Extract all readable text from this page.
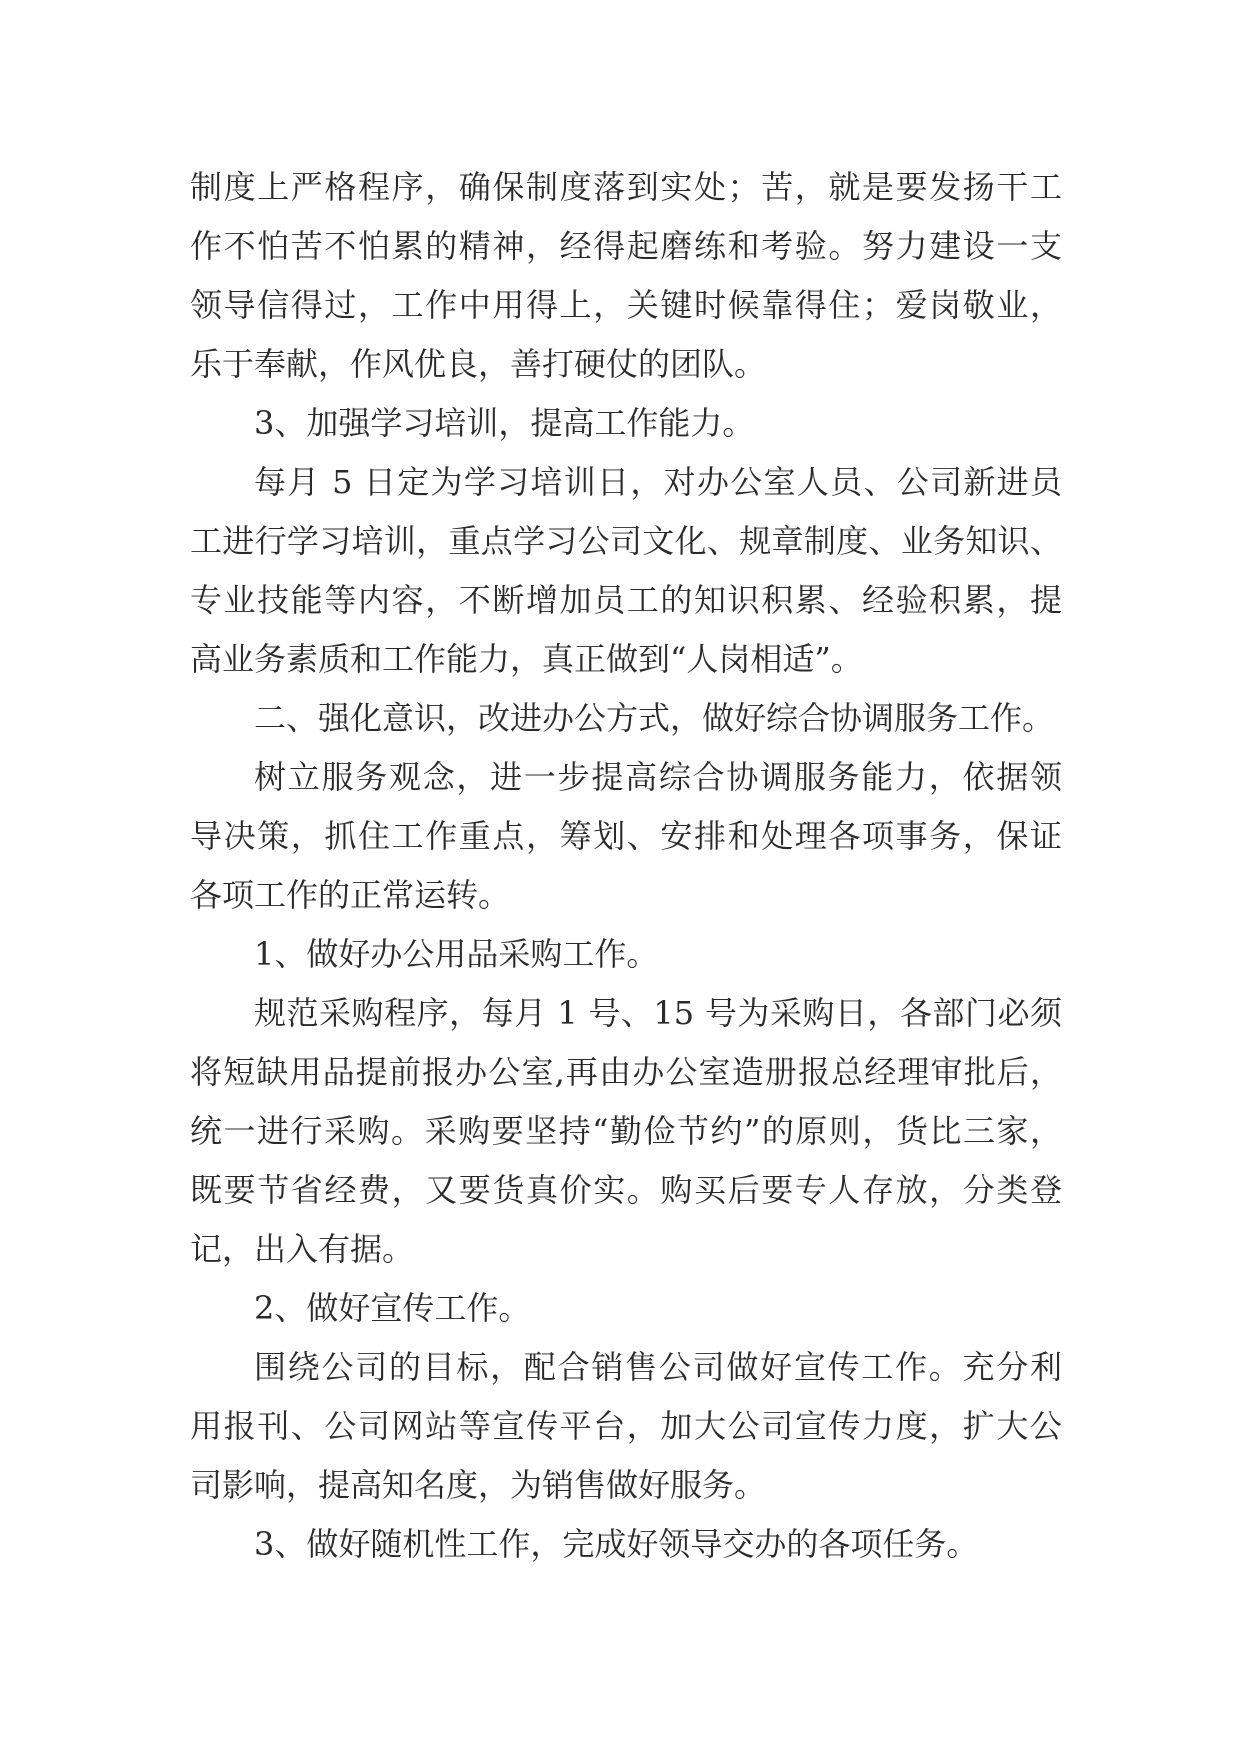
制度上严格程序，确保制度落到实处；苦，就是要发扬干工
作不怕苦不怕累的精神，经得起磨练和考验。努力建设一支
领导信得过，工作中用得上，关键时候靠得住；爱岗敬业，
乐于奉献，作风优良，善打硬仗的团队。
3、加强学习培训，提高工作能力。
每月 5 日定为学习培训日，对办公室人员、公司新进员
工进行学习培训，重点学习公司文化、规章制度、业务知识、
专业技能等内容，不断增加员工的知识积累、经验积累，提
高业务素质和工作能力，真正做到“人岗相适”。
二、强化意识，改进办公方式，做好综合协调服务工作。
树立服务观念，进一步提高综合协调服务能力，依据领
导决策，抓住工作重点，筹划、安排和处理各项事务，保证
各项工作的正常运转。
1、做好办公用品采购工作。
规范采购程序，每月 1 号、15 号为采购日，各部门必须
将短缺用品提前报办公室,再由办公室造册报总经理审批后，
统一进行采购。采购要坚持“勤俭节约”的原则，货比三家，
既要节省经费，又要货真价实。购买后要专人存放，分类登
记，出入有据。
2、做好宣传工作。
围绕公司的目标，配合销售公司做好宣传工作。充分利
用报刊、公司网站等宣传平台，加大公司宣传力度，扩大公
司影响，提高知名度，为销售做好服务。
3、做好随机性工作，完成好领导交办的各项任务。
